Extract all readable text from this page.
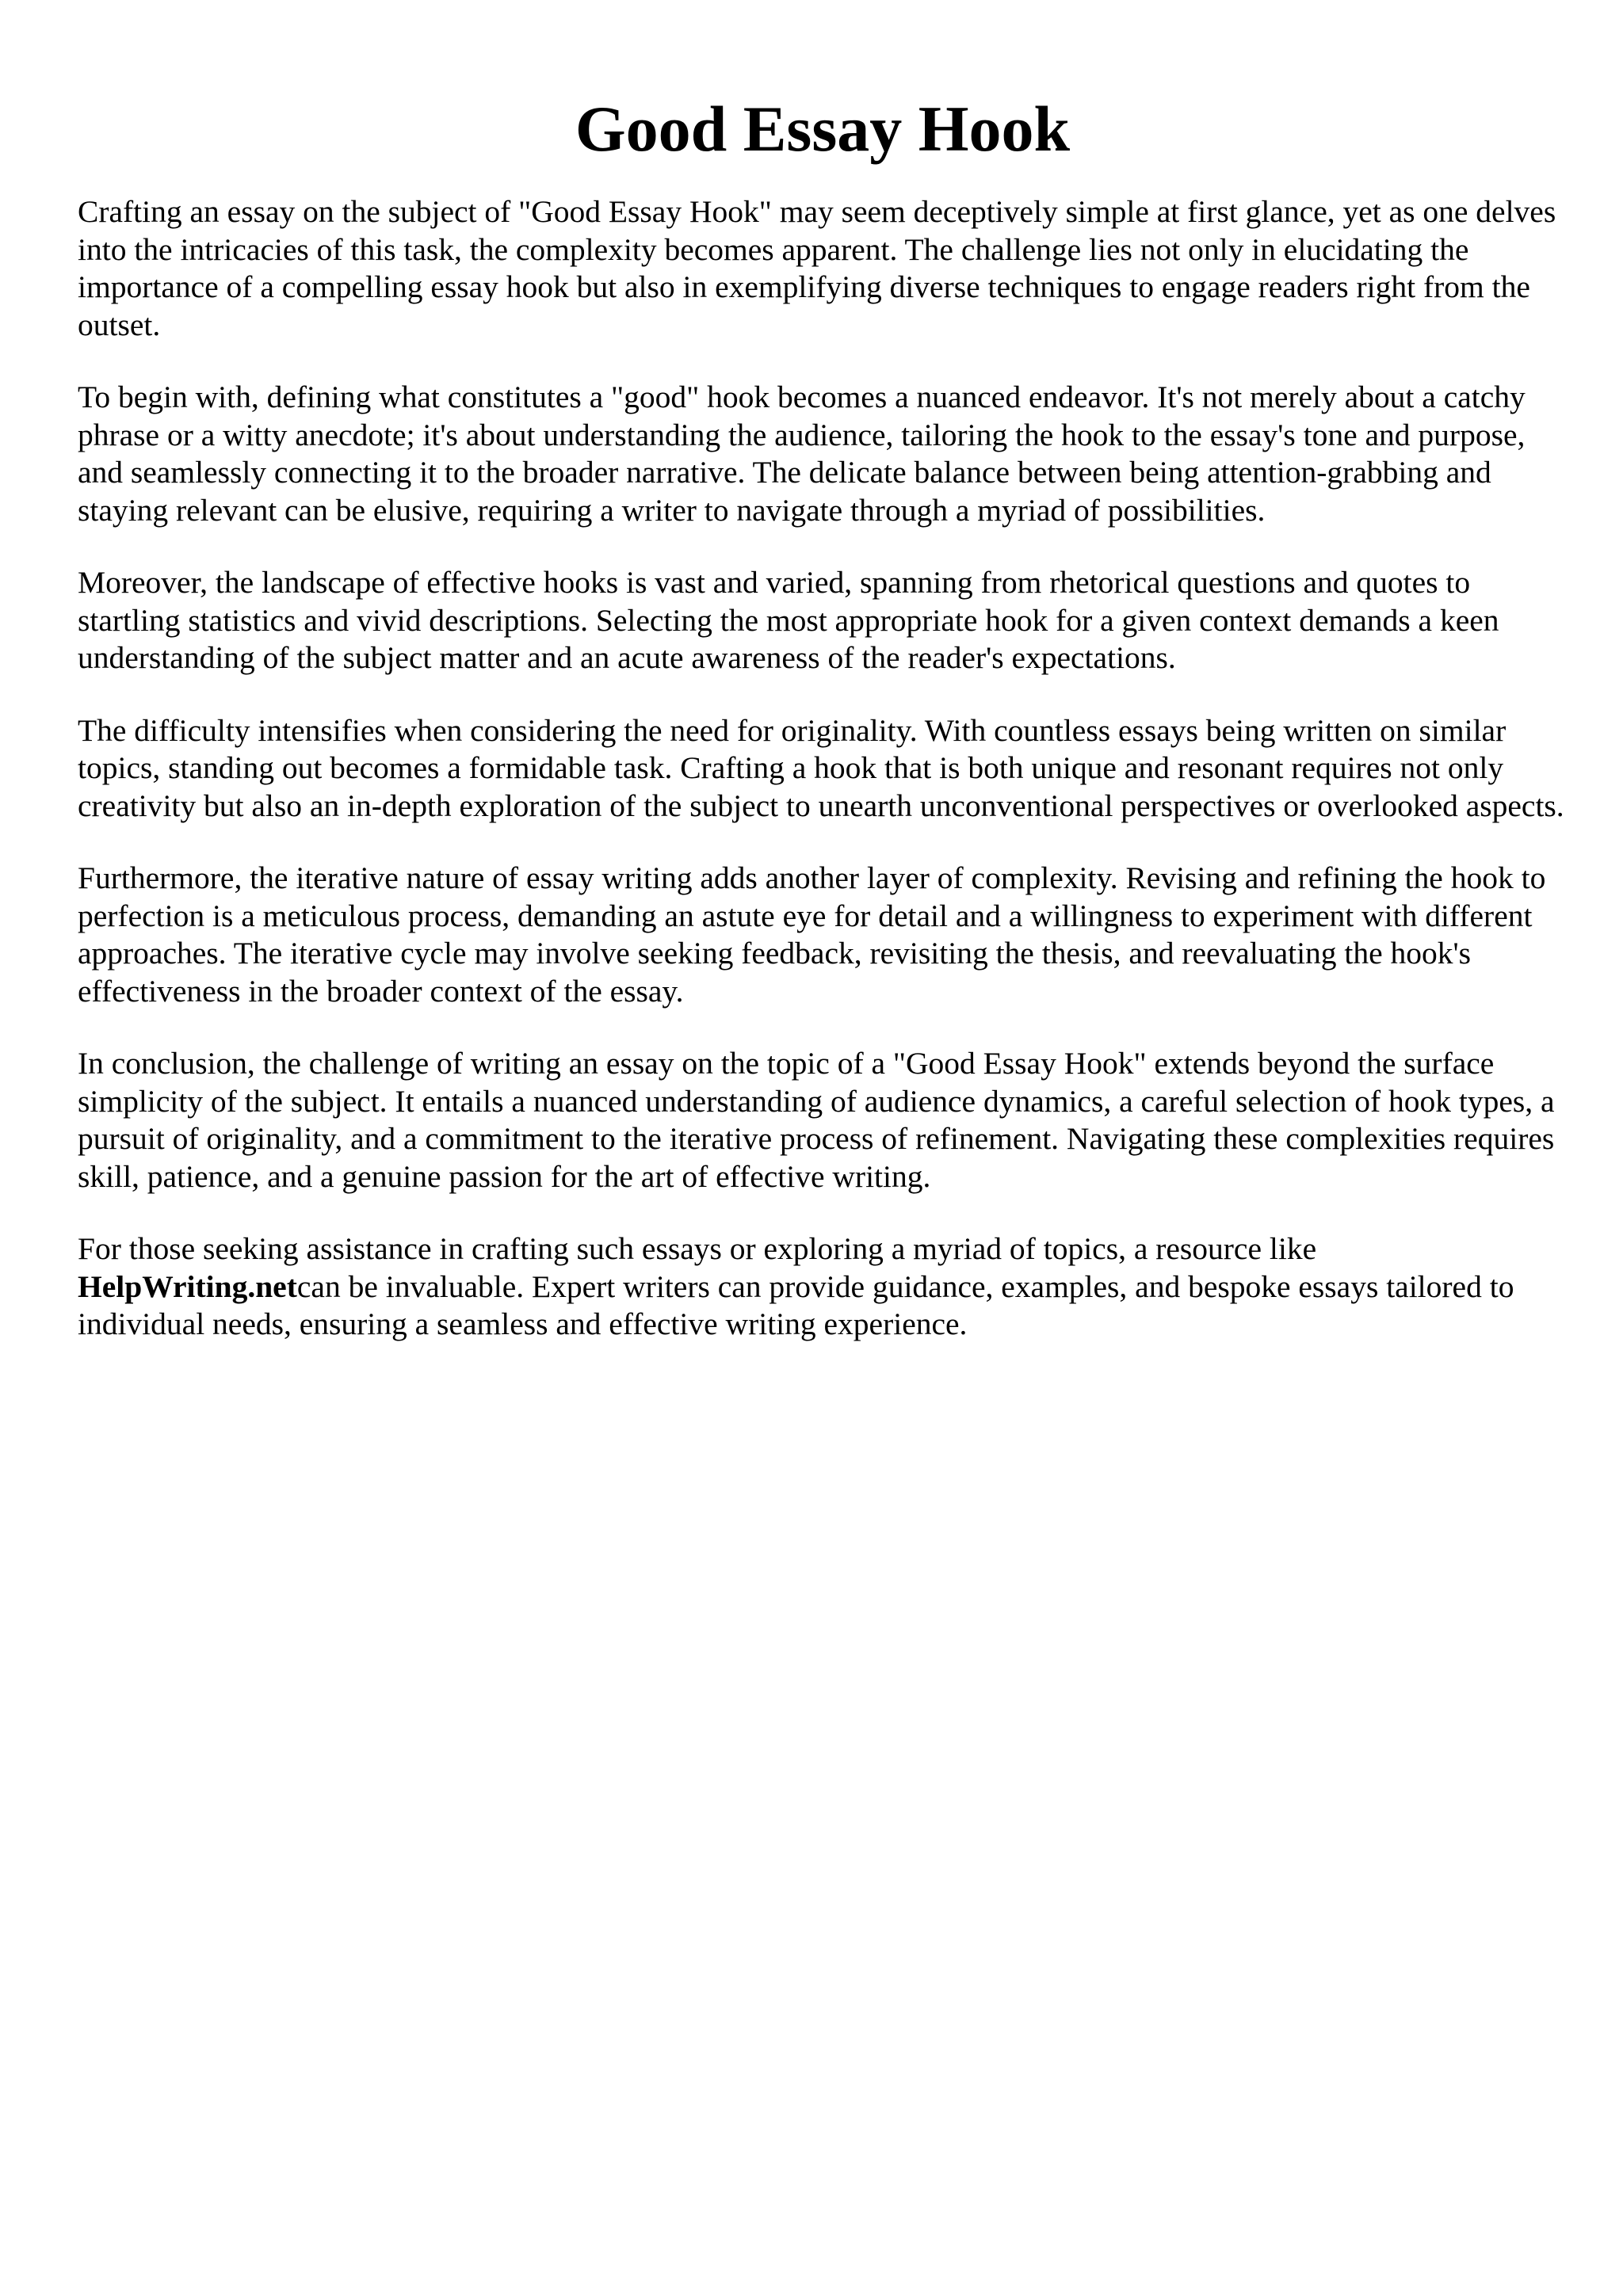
Good Essay Hook

Crafting an essay on the subject of "Good Essay Hook" may seem deceptively simple at first glance, yet as one delves into the intricacies of this task, the complexity becomes apparent. The challenge lies not only in elucidating the importance of a compelling essay hook but also in exemplifying diverse techniques to engage readers right from the outset.

To begin with, defining what constitutes a "good" hook becomes a nuanced endeavor. It's not merely about a catchy phrase or a witty anecdote; it's about understanding the audience, tailoring the hook to the essay's tone and purpose, and seamlessly connecting it to the broader narrative. The delicate balance between being attention-grabbing and staying relevant can be elusive, requiring a writer to navigate through a myriad of possibilities.

Moreover, the landscape of effective hooks is vast and varied, spanning from rhetorical questions and quotes to startling statistics and vivid descriptions. Selecting the most appropriate hook for a given context demands a keen understanding of the subject matter and an acute awareness of the reader's expectations.

The difficulty intensifies when considering the need for originality. With countless essays being written on similar topics, standing out becomes a formidable task. Crafting a hook that is both unique and resonant requires not only creativity but also an in-depth exploration of the subject to unearth unconventional perspectives or overlooked aspects.

Furthermore, the iterative nature of essay writing adds another layer of complexity. Revising and refining the hook to perfection is a meticulous process, demanding an astute eye for detail and a willingness to experiment with different approaches. The iterative cycle may involve seeking feedback, revisiting the thesis, and reevaluating the hook's effectiveness in the broader context of the essay.

In conclusion, the challenge of writing an essay on the topic of a "Good Essay Hook" extends beyond the surface simplicity of the subject. It entails a nuanced understanding of audience dynamics, a careful selection of hook types, a pursuit of originality, and a commitment to the iterative process of refinement. Navigating these complexities requires skill, patience, and a genuine passion for the art of effective writing.

For those seeking assistance in crafting such essays or exploring a myriad of topics, a resource like HelpWriting.netcan be invaluable. Expert writers can provide guidance, examples, and bespoke essays tailored to individual needs, ensuring a seamless and effective writing experience.
